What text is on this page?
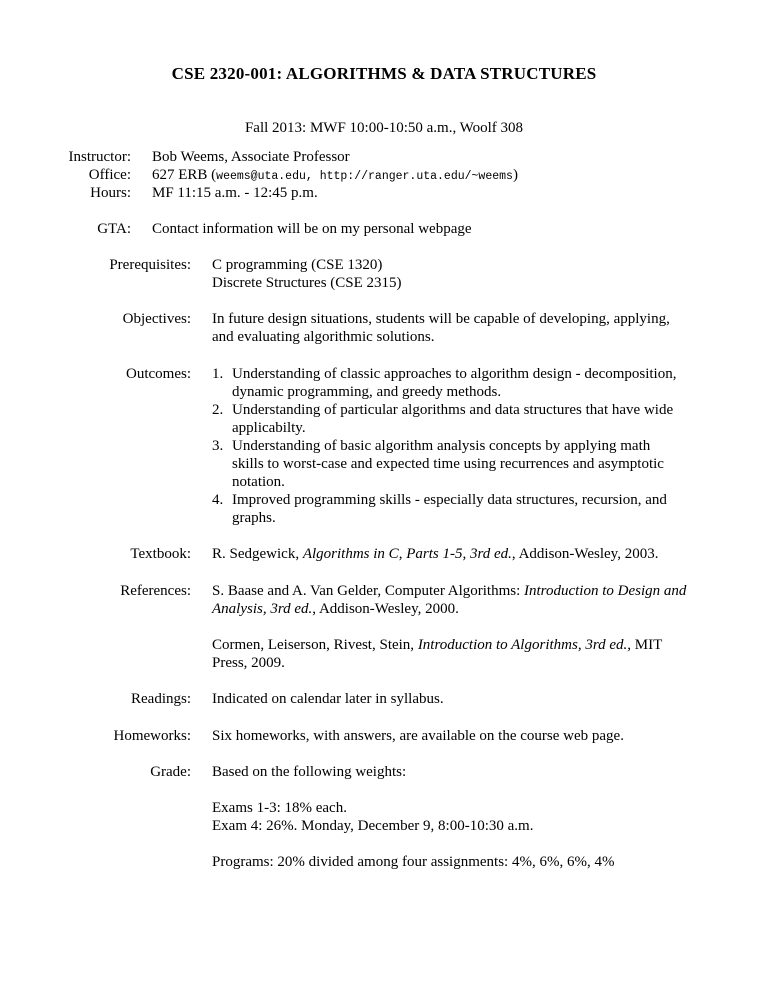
CSE 2320-001: ALGORITHMS & DATA STRUCTURES
Fall 2013: MWF 10:00-10:50 a.m., Woolf 308
Instructor: Bob Weems, Associate Professor
Office: 627 ERB (weems@uta.edu, http://ranger.uta.edu/~weems)
Hours: MF 11:15 a.m. - 12:45 p.m.
GTA: Contact information will be on my personal webpage
Prerequisites: C programming (CSE 1320)
Discrete Structures (CSE 2315)
Objectives: In future design situations, students will be capable of developing, applying,
and evaluating algorithmic solutions.
Outcomes: 1. Understanding of classic approaches to algorithm design - decomposition,
dynamic programming, and greedy methods.
2. Understanding of particular algorithms and data structures that have wide
applicabilty.
3. Understanding of basic algorithm analysis concepts by applying math
skills to worst-case and expected time using recurrences and asymptotic
notation.
4. Improved programming skills - especially data structures, recursion, and
graphs.
Textbook: R. Sedgewick, Algorithms in C, Parts 1-5, 3rd ed., Addison-Wesley, 2003.
References: S. Baase and A. Van Gelder, Computer Algorithms: Introduction to Design and
Analysis, 3rd ed., Addison-Wesley, 2000.
Cormen, Leiserson, Rivest, Stein, Introduction to Algorithms, 3rd ed., MIT
Press, 2009.
Readings: Indicated on calendar later in syllabus.
Homeworks: Six homeworks, with answers, are available on the course web page.
Grade: Based on the following weights:
Exams 1-3: 18% each.
Exam 4: 26%. Monday, December 9, 8:00-10:30 a.m.
Programs: 20% divided among four assignments: 4%, 6%, 6%, 4%
